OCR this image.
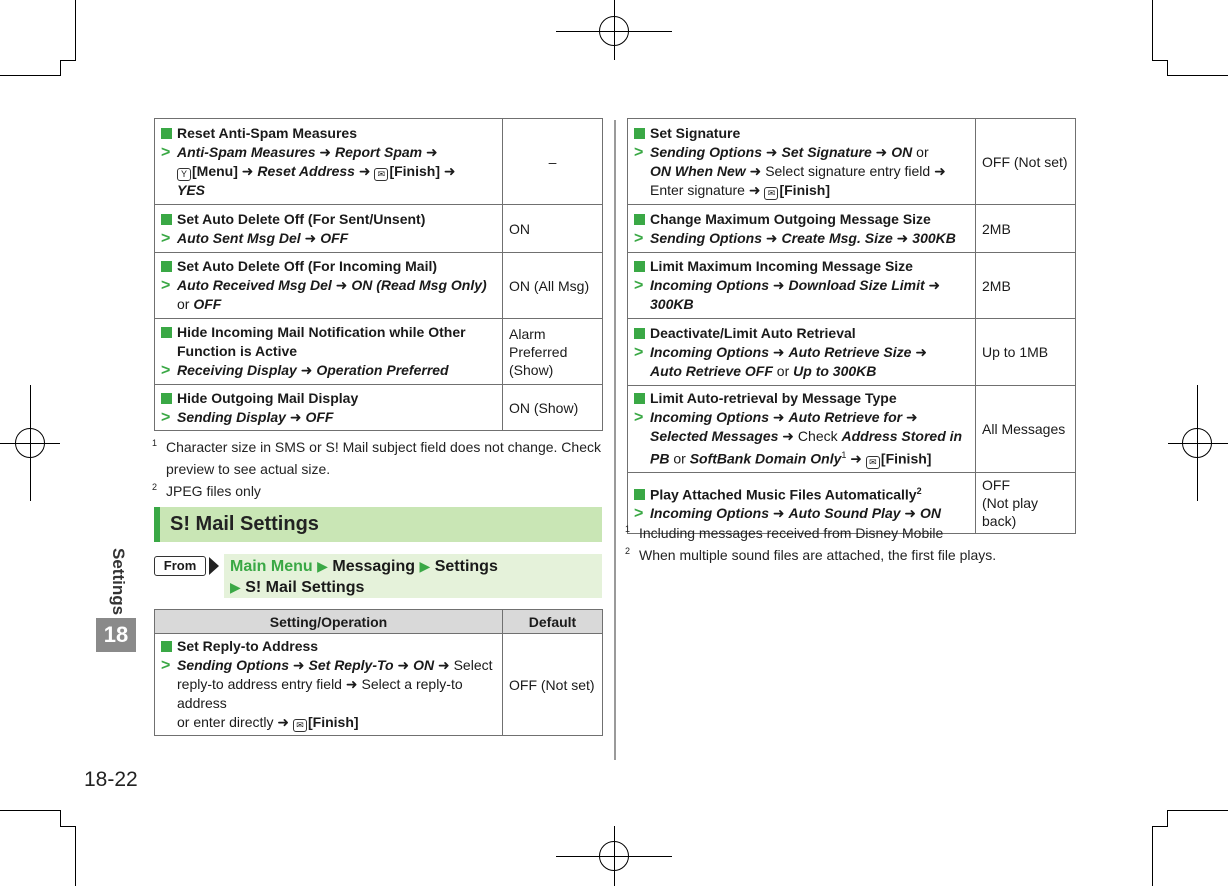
Settings
18
18-22
Reset Anti-Spam Measures
> Anti-Spam Measures ➜ Report Spam ➜
Y [Menu] ➜ Reset Address ➜ ✉ [Finish] ➜
YES	–

Set Auto Delete Off (For Sent/Unsent)
> Auto Sent Msg Del ➜ OFF	ON

Set Auto Delete Off (For Incoming Mail)
> Auto Received Msg Del ➜ ON (Read Msg Only)
or OFF	ON (All Msg)

Hide Incoming Mail Notification while Other
Function is Active
> Receiving Display ➜ Operation Preferred	Alarm Preferred
(Show)

Hide Outgoing Mail Display
> Sending Display ➜ OFF	ON (Show)
1 Character size in SMS or S! Mail subject field does not change. Check
preview to see actual size.
2 JPEG files only
S! Mail Settings
From	Main Menu ▶ Messaging ▶ Settings
▶ S! Mail Settings
Setting/Operation	Default

Set Reply-to Address
> Sending Options ➜ Set Reply-To ➜ ON ➜ Select
reply-to address entry field ➜ Select a reply-to address
or enter directly ➜ ✉ [Finish]	OFF (Not set)
Set Signature
> Sending Options ➜ Set Signature ➜ ON or
ON When New ➜ Select signature entry field ➜
Enter signature ➜ ✉ [Finish]	OFF (Not set)

Change Maximum Outgoing Message Size
> Sending Options ➜ Create Msg. Size ➜ 300KB	2MB

Limit Maximum Incoming Message Size
> Incoming Options ➜ Download Size Limit ➜
300KB	2MB

Deactivate/Limit Auto Retrieval
> Incoming Options ➜ Auto Retrieve Size ➜
Auto Retrieve OFF or Up to 300KB	Up to 1MB

Limit Auto-retrieval by Message Type
> Incoming Options ➜ Auto Retrieve for ➜
Selected Messages ➜ Check Address Stored in
PB or SoftBank Domain Only$^1$ ➜ ✉ [Finish]	All Messages

Play Attached Music Files Automatically$^2$
> Incoming Options ➜ Auto Sound Play ➜ ON	OFF
(Not play back)
1 Including messages received from Disney Mobile
2 When multiple sound files are attached, the first file plays.
